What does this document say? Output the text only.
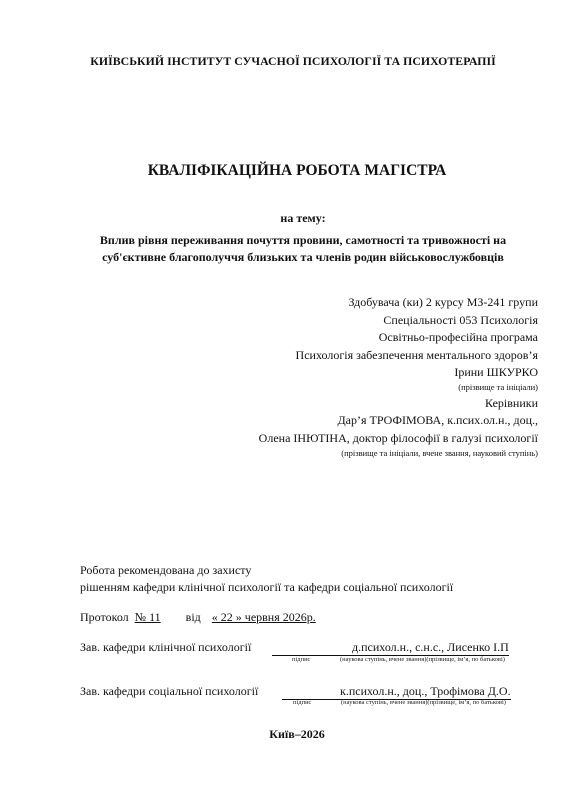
КИЇВСЬКИЙ ІНСТИТУТ СУЧАСНОЇ ПСИХОЛОГІЇ ТА ПСИХОТЕРАПІЇ
КВАЛІФІКАЦІЙНА РОБОТА МАГІСТРА
на тему:
Вплив рівня переживання почуття провини, самотності та тривожності на
суб'єктивне благополуччя близьких та членів родин військовослужбовців
Здобувача (ки) 2 курсу МЗ-241 групи
Спеціальності 053 Психологія
Освітньо-професійна програма
Психологія забезпечення ментального здоров’я
Ірини ШКУРКО
(прізвище та ініціали)
Керівники
Дар’я ТРОФІМОВА, к.псих.ол.н., доц.,
Олена ІНЮТІНА, доктор філософії в галузі психології
(прізвище та ініціали, вчене звання, науковий ступінь)
Робота рекомендована до захисту
рішенням кафедри клінічної психології та кафедри соціальної психології
Протокол № 11 від « 22 » червня 2026р.
Зав. кафедри клінічної психології	д.психол.н., с.н.с., Лисенко І.П
підпис	(наукова ступінь, вчене звання)(прізвище, ім’я, по батькові)
Зав. кафедри соціальної психології	к.психол.н., доц., Трофімова Д.О.
підпис	(наукова ступінь, вчене звання)(прізвище, ім’я, по батькові)
Київ–2026
